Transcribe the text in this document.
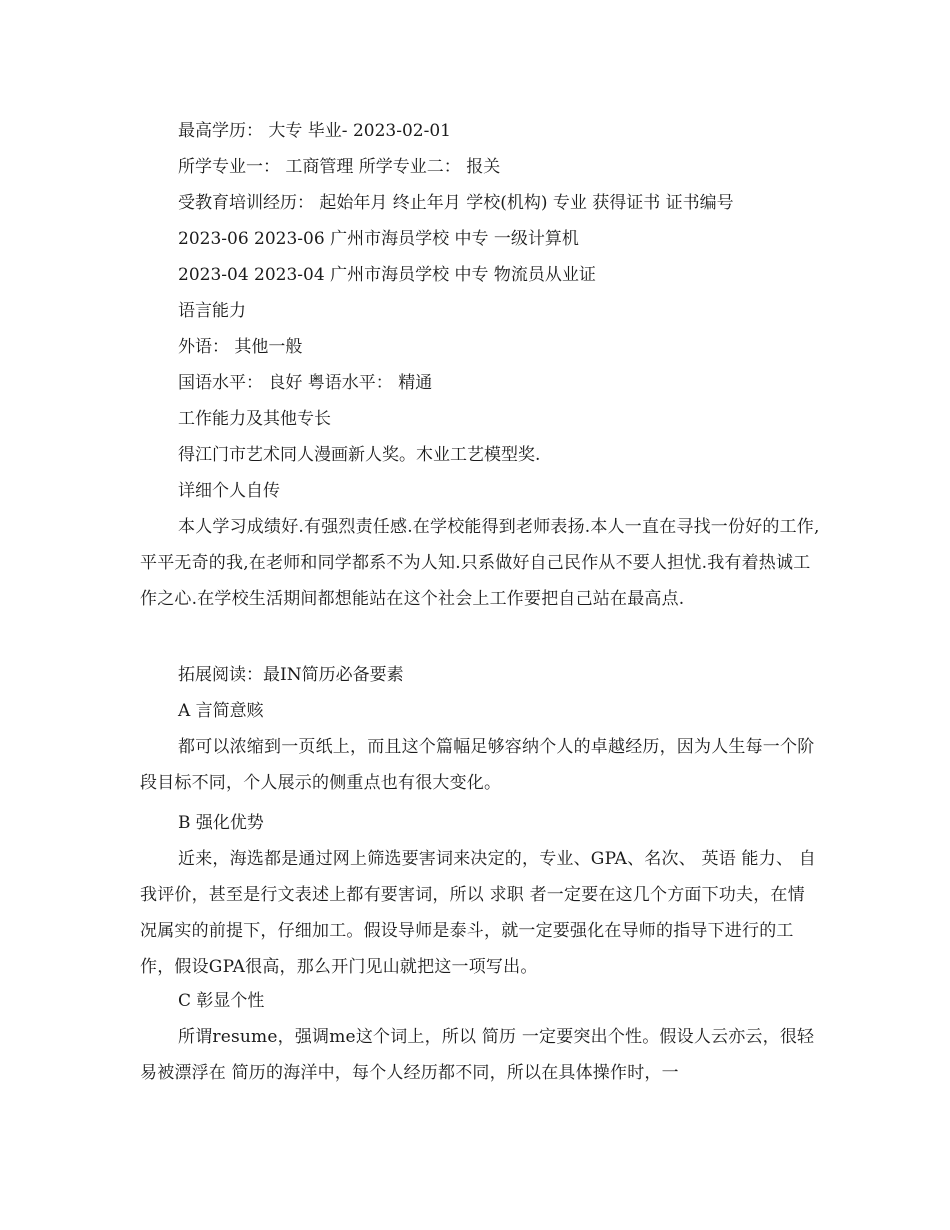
最高学历： 大专 毕业- 2023-02-01
所学专业一： 工商管理 所学专业二： 报关
受教育培训经历： 起始年月 终止年月 学校(机构) 专业 获得证书 证书编号
2023-06 2023-06 广州市海员学校 中专 一级计算机
2023-04 2023-04 广州市海员学校 中专 物流员从业证
语言能力
外语： 其他一般
国语水平： 良好 粤语水平： 精通
工作能力及其他专长
得江门市艺术同人漫画新人奖。木业工艺模型奖.
详细个人自传
本人学习成绩好.有强烈责任感.在学校能得到老师表扬.本人一直在寻找一份好的工作,平平无奇的我,在老师和同学都系不为人知.只系做好自己民作从不要人担忧.我有着热诚工作之心.在学校生活期间都想能站在这个社会上工作要把自己站在最高点.
拓展阅读：最IN简历必备要素
A 言简意赅
都可以浓缩到一页纸上，而且这个篇幅足够容纳个人的卓越经历，因为人生每一个阶段目标不同，个人展示的侧重点也有很大变化。
B 强化优势
近来，海选都是通过网上筛选要害词来决定的，专业、GPA、名次、 英语 能力、 自我评价，甚至是行文表述上都有要害词，所以 求职 者一定要在这几个方面下功夫，在情况属实的前提下，仔细加工。假设导师是泰斗，就一定要强化在导师的指导下进行的工作，假设GPA很高，那么开门见山就把这一项写出。
C 彰显个性
所谓resume，强调me这个词上，所以 简历 一定要突出个性。假设人云亦云，很轻易被漂浮在 简历的海洋中，每个人经历都不同，所以在具体操作时，一
